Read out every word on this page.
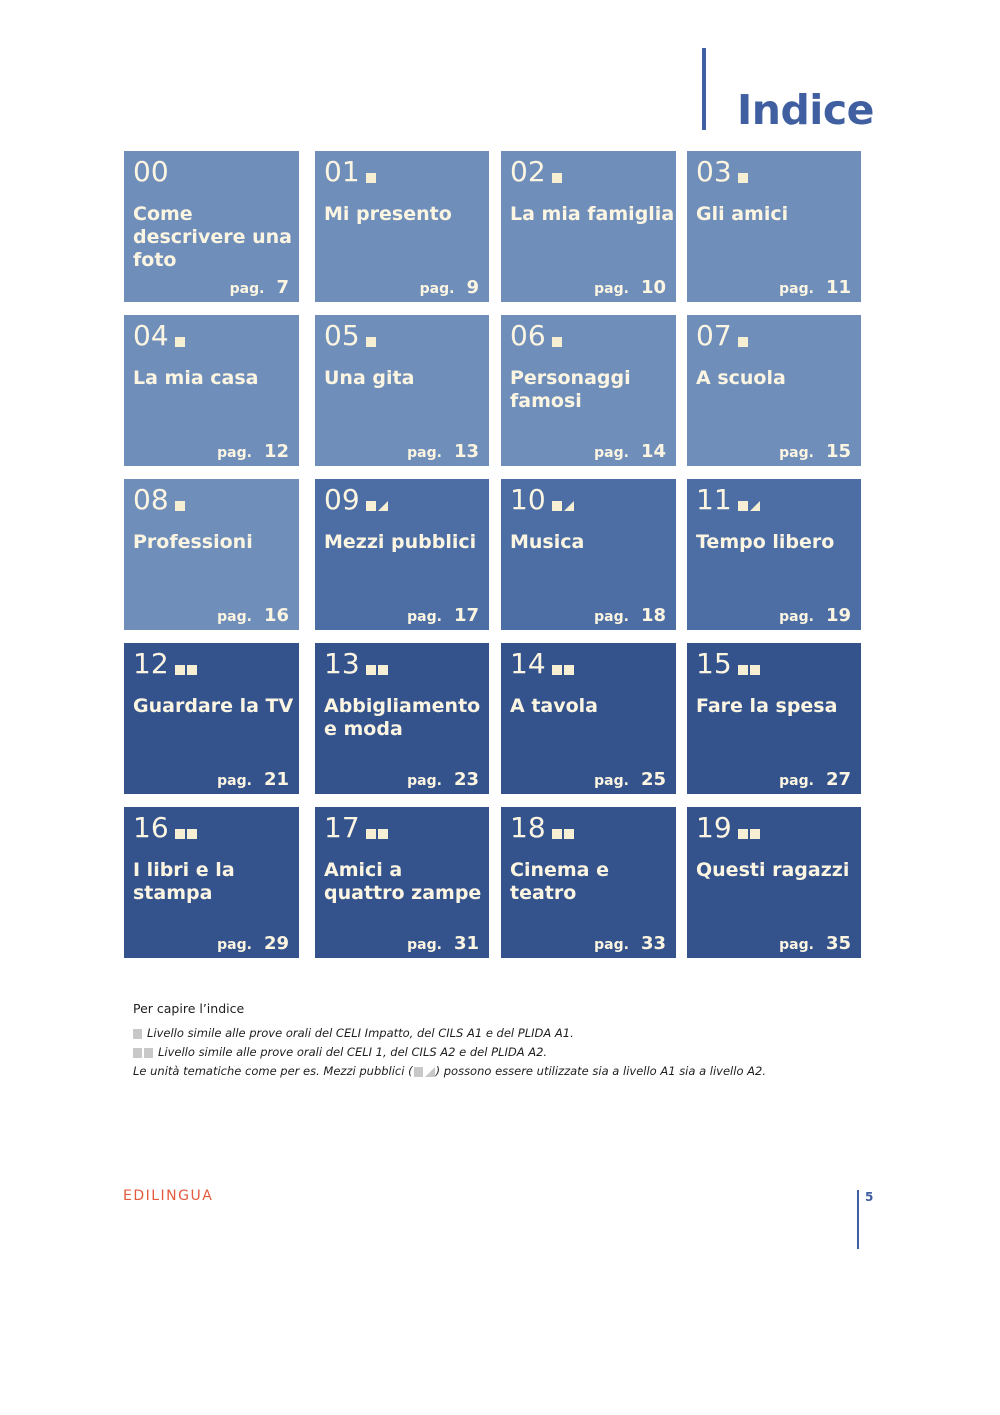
Indice
00
Come descrivere una foto
pag. 7
01
Mi presento
pag. 9
02
La mia famiglia
pag. 10
03
Gli amici
pag. 11
04
La mia casa
pag. 12
05
Una gita
pag. 13
06
Personaggi famosi
pag. 14
07
A scuola
pag. 15
08
Professioni
pag. 16
09
Mezzi pubblici
pag. 17
10
Musica
pag. 18
11
Tempo libero
pag. 19
12
Guardare la TV
pag. 21
13
Abbigliamento e moda
pag. 23
14
A tavola
pag. 25
15
Fare la spesa
pag. 27
16
I libri e la stampa
pag. 29
17
Amici a quattro zampe
pag. 31
18
Cinema e teatro
pag. 33
19
Questi ragazzi
pag. 35

Per capire l’indice

Livello simile alle prove orali del CELI Impatto, del CILS A1 e del PLIDA A1.
Livello simile alle prove orali del CELI 1, del CILS A2 e del PLIDA A2.
Le unità tematiche come per es. Mezzi pubblici ( ) possono essere utilizzate sia a livello A1 sia a livello A2.
EDILINGUA	5
